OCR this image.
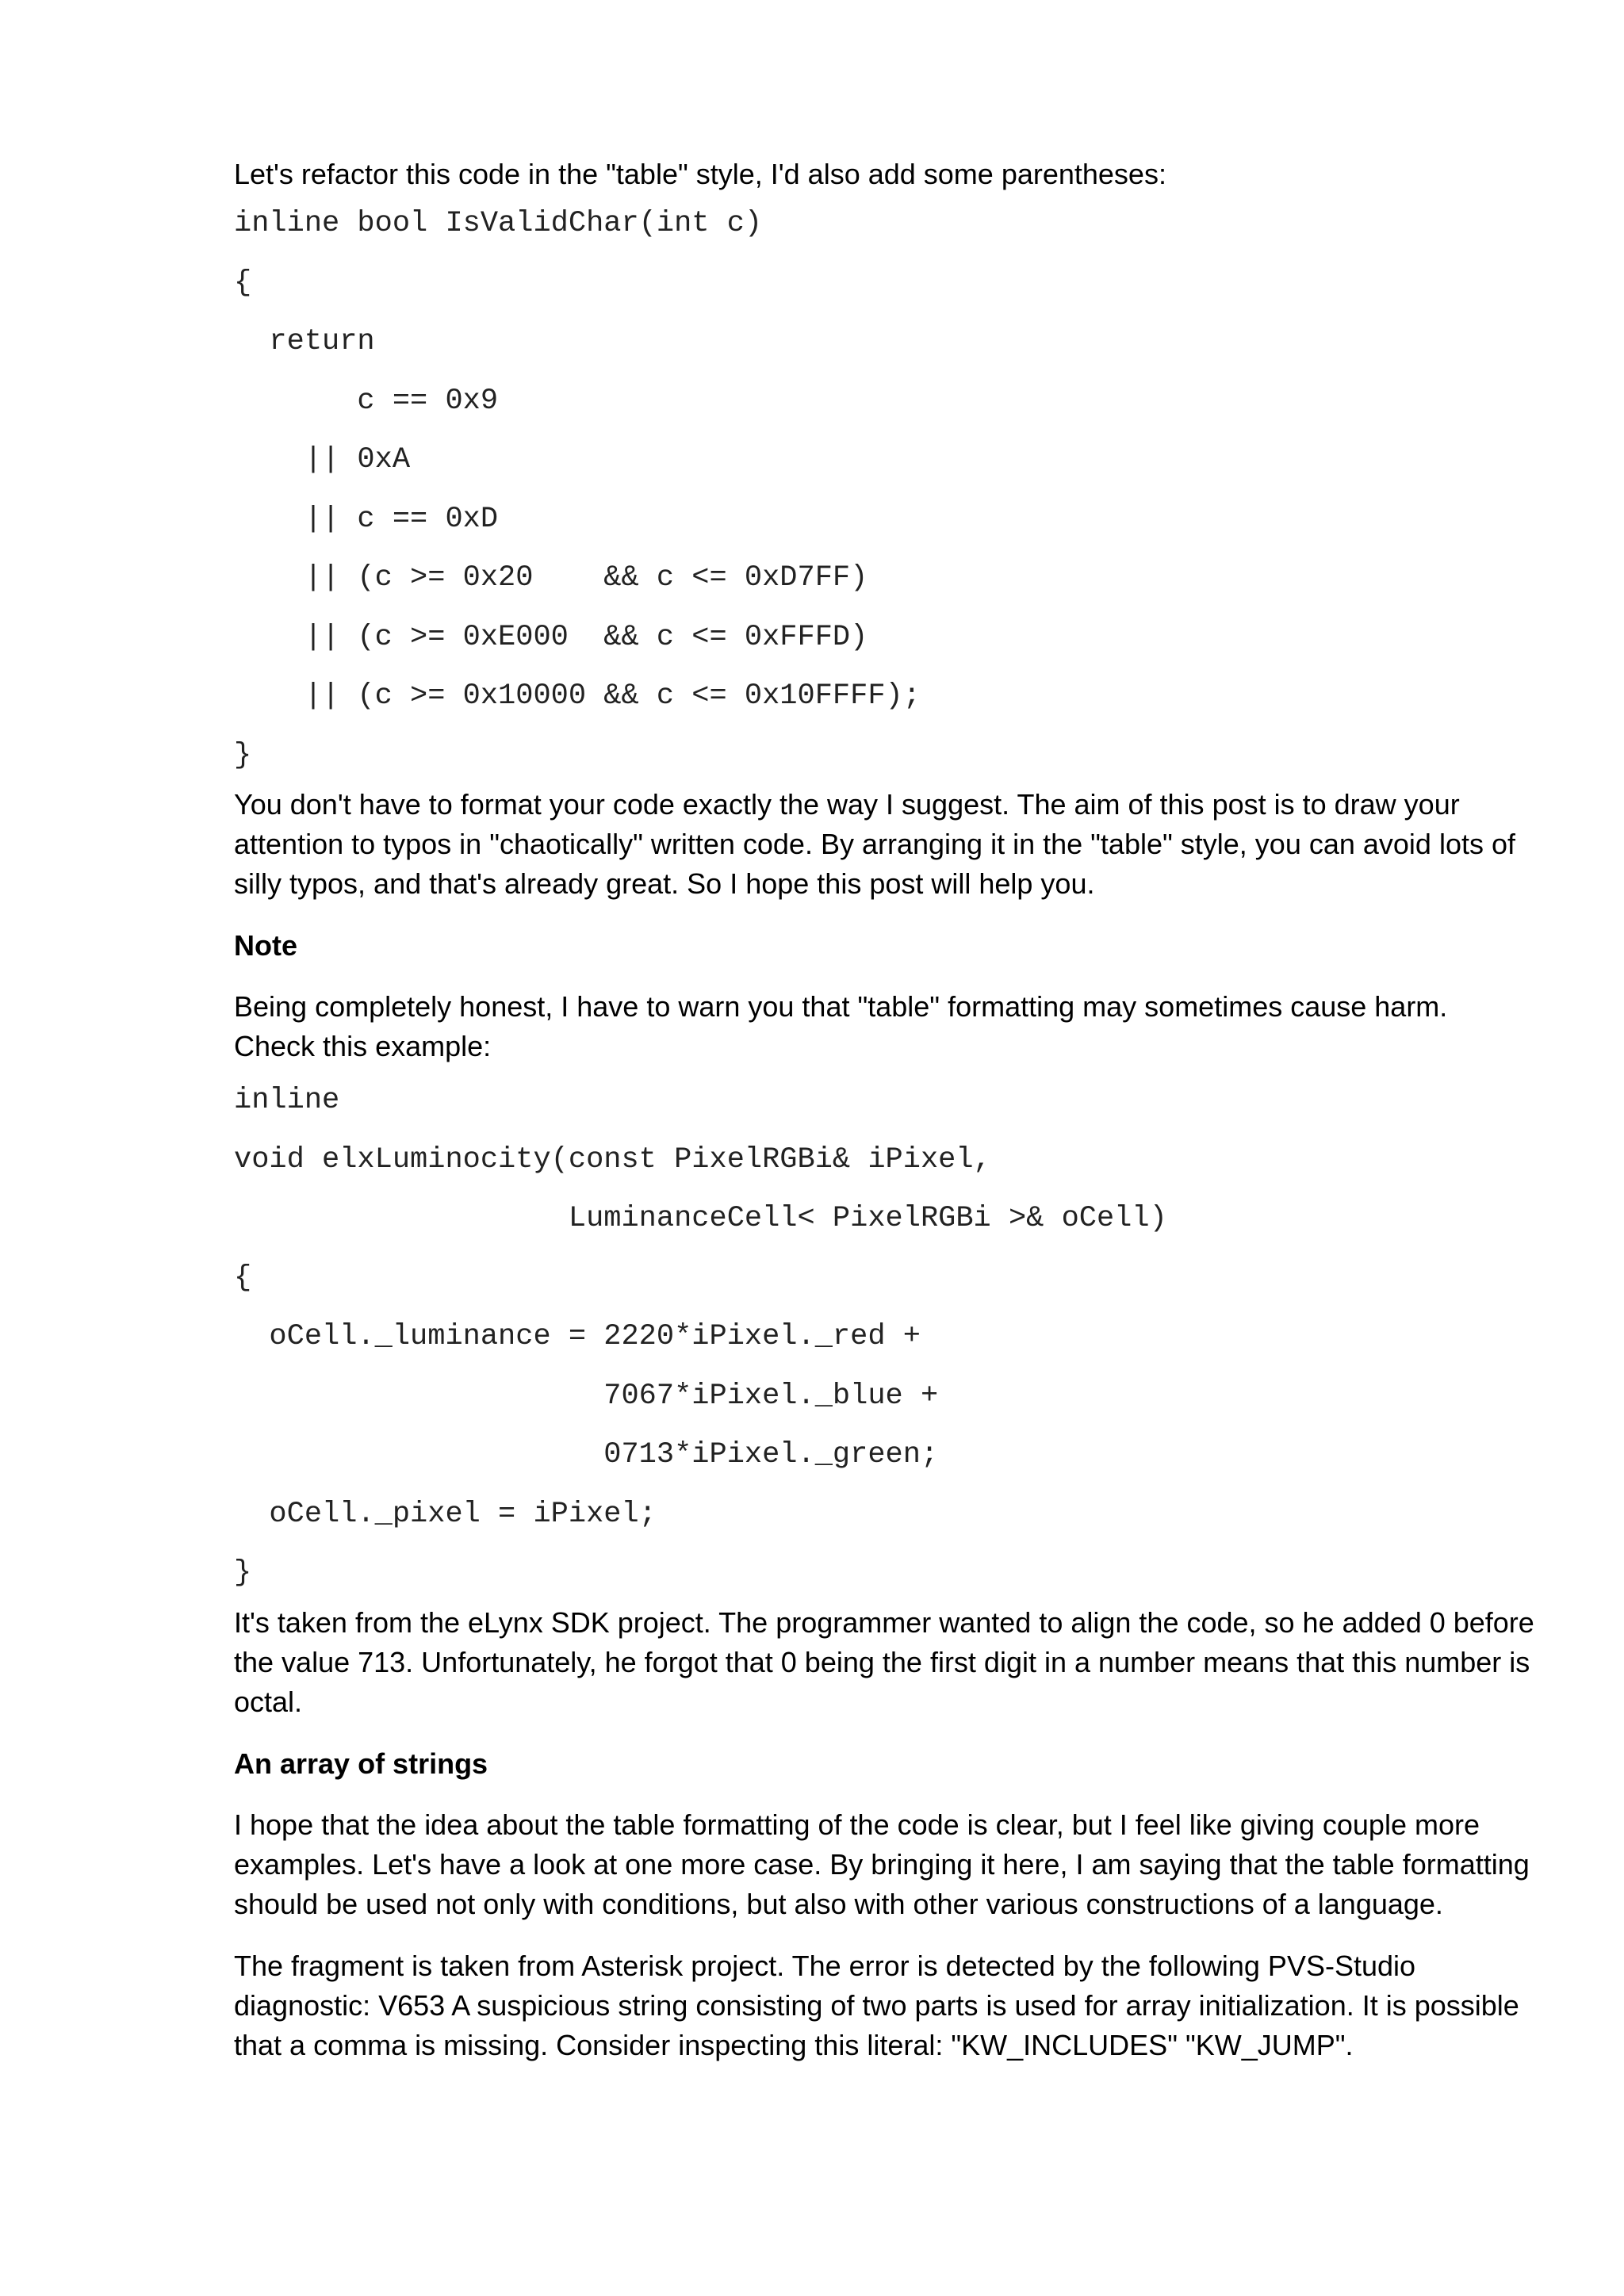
Let's refactor this code in the "table" style, I'd also add some parentheses:

inline bool IsValidChar(int c)
{
return
c == 0x9
|| 0xA
|| c == 0xD
|| (c >= 0x20    && c <= 0xD7FF)
|| (c >= 0xE000  && c <= 0xFFFD)
|| (c >= 0x10000 && c <= 0x10FFFF);
}

You don't have to format your code exactly the way I suggest. The aim of this post is to draw your attention to typos in "chaotically" written code. By arranging it in the "table" style, you can avoid lots of silly typos, and that's already great. So I hope this post will help you.

Note

Being completely honest, I have to warn you that "table" formatting may sometimes cause harm. Check this example:

inline
void elxLuminocity(const PixelRGBi& iPixel,
LuminanceCell< PixelRGBi >& oCell)
{
oCell._luminance = 2220*iPixel._red +
7067*iPixel._blue +
0713*iPixel._green;
oCell._pixel = iPixel;
}

It's taken from the eLynx SDK project. The programmer wanted to align the code, so he added 0 before the value 713. Unfortunately, he forgot that 0 being the first digit in a number means that this number is octal.

An array of strings

I hope that the idea about the table formatting of the code is clear, but I feel like giving couple more examples. Let's have a look at one more case. By bringing it here, I am saying that the table formatting should be used not only with conditions, but also with other various constructions of a language.

The fragment is taken from Asterisk project. The error is detected by the following PVS-Studio diagnostic: V653 A suspicious string consisting of two parts is used for array initialization. It is possible that a comma is missing. Consider inspecting this literal: "KW_INCLUDES" "KW_JUMP".
